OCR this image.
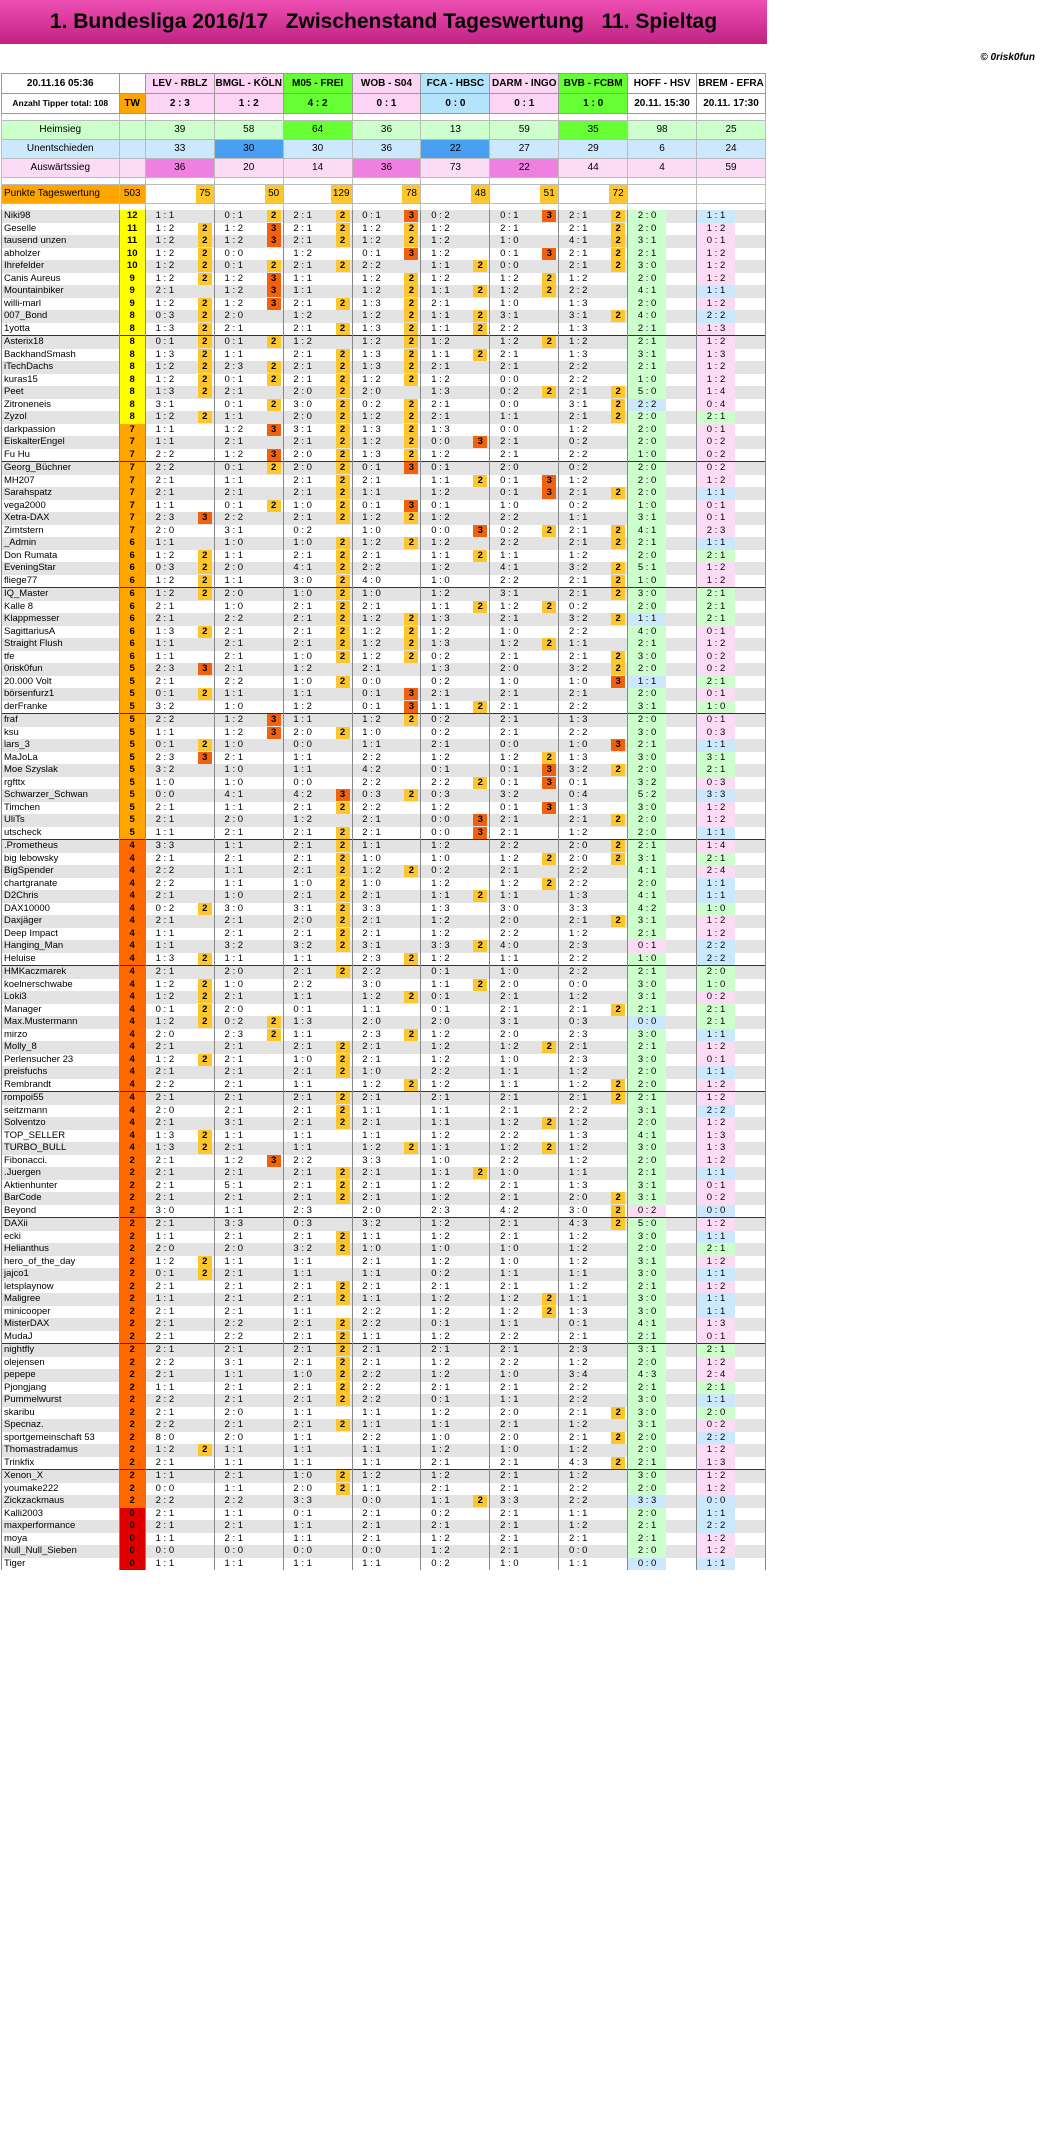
1. Bundesliga 2016/17   Zwischenstand Tageswertung   11. Spieltag
© 0risk0fun
20.11.16 05:36		LEV - RBLZ	BMGL - KÖLN	M05 - FREI	WOB - S04	FCA - HBSC	DARM - INGO	BVB - FCBM	HOFF - HSV	BREM - EFRA
Anzahl Tipper total: 108	TW	2 : 3	1 : 2	4 : 2	0 : 1	0 : 0	0 : 1	1 : 0	20.11. 15:30	20.11. 17:30

Heimsieg		39	58	64	36	13	59	35	98	25
Unentschieden		33	30	30	36	22	27	29	6	24
Auswärtssieg		36	20	14	36	73	22	44	4	59

Punkte Tageswertung	503	75	50	129	78	48	51	72		

Niki98	12	1 : 1	0 : 1 2	2 : 1 2	0 : 1 3	0 : 2	0 : 1 3	2 : 1 2	2 : 0	1 : 1
Geselle	11	1 : 2 2	1 : 2 3	2 : 1 2	1 : 2 2	1 : 2	2 : 1	2 : 1 2	2 : 0	1 : 2
tausend unzen	11	1 : 2 2	1 : 2 3	2 : 1 2	1 : 2 2	1 : 2	1 : 0	4 : 1 2	3 : 1	0 : 1
abholzer	10	1 : 2 2	0 : 0	1 : 2	0 : 1 3	1 : 2	0 : 1 3	2 : 1 2	2 : 1	1 : 2
Ihrefelder	10	1 : 2 2	0 : 1 2	2 : 1 2	2 : 2	1 : 1 2	0 : 0	2 : 1 2	3 : 0	1 : 2
Canis Aureus	9	1 : 2 2	1 : 2 3	1 : 1	1 : 2 2	1 : 2	1 : 2 2	1 : 2	2 : 0	1 : 2
Mountainbiker	9	2 : 1	1 : 2 3	1 : 1	1 : 2 2	1 : 1 2	1 : 2 2	2 : 2	4 : 1	1 : 1
willi-marl	9	1 : 2 2	1 : 2 3	2 : 1 2	1 : 3 2	2 : 1	1 : 0	1 : 3	2 : 0	1 : 2
007_Bond	8	0 : 3 2	2 : 0	1 : 2	1 : 2 2	1 : 1 2	3 : 1	3 : 1 2	4 : 0	2 : 2
1yotta	8	1 : 3 2	2 : 1	2 : 1 2	1 : 3 2	1 : 1 2	2 : 2	1 : 3	2 : 1	1 : 3
Asterix18	8	0 : 1 2	0 : 1 2	1 : 2	1 : 2 2	1 : 2	1 : 2 2	1 : 2	2 : 1	1 : 2
BackhandSmash	8	1 : 3 2	1 : 1	2 : 1 2	1 : 3 2	1 : 1 2	2 : 1	1 : 3	3 : 1	1 : 3
iTechDachs	8	1 : 2 2	2 : 3 2	2 : 1 2	1 : 3 2	2 : 1	2 : 1	2 : 2	2 : 1	1 : 2
kuras15	8	1 : 2 2	0 : 1 2	2 : 1 2	1 : 2 2	1 : 2	0 : 0	2 : 2	1 : 0	1 : 2
Peet	8	1 : 3 2	2 : 1	2 : 0 2	2 : 0	1 : 3	0 : 2 2	2 : 1 2	5 : 0	1 : 4
Zitroneneis	8	3 : 1	0 : 1 2	3 : 0 2	0 : 2 2	2 : 1	0 : 0	3 : 1 2	2 : 2	0 : 4
Zyzol	8	1 : 2 2	1 : 1	2 : 0 2	1 : 2 2	2 : 1	1 : 1	2 : 1 2	2 : 0	2 : 1
darkpassion	7	1 : 1	1 : 2 3	3 : 1 2	1 : 3 2	1 : 3	0 : 0	1 : 2	2 : 0	0 : 1
EiskalterEngel	7	1 : 1	2 : 1	2 : 1 2	1 : 2 2	0 : 0 3	2 : 1	0 : 2	2 : 0	0 : 2
Fu Hu	7	2 : 2	1 : 2 3	2 : 0 2	1 : 3 2	1 : 2	2 : 1	2 : 2	1 : 0	0 : 2
Georg_Büchner	7	2 : 2	0 : 1 2	2 : 0 2	0 : 1 3	0 : 1	2 : 0	0 : 2	2 : 0	0 : 2
MH207	7	2 : 1	1 : 1	2 : 1 2	2 : 1	1 : 1 2	0 : 1 3	1 : 2	2 : 0	1 : 2
Sarahspatz	7	2 : 1	2 : 1	2 : 1 2	1 : 1	1 : 2	0 : 1 3	2 : 1 2	2 : 0	1 : 1
vega2000	7	1 : 1	0 : 1 2	1 : 0 2	0 : 1 3	0 : 1	1 : 0	0 : 2	1 : 0	0 : 1
Xetra-DAX	7	2 : 3 3	2 : 2	2 : 1 2	1 : 2 2	1 : 2	2 : 2	1 : 1	3 : 1	0 : 1
Zimtstern	7	2 : 0	3 : 1	0 : 2	1 : 0	0 : 0 3	0 : 2 2	2 : 1 2	4 : 1	2 : 3
_Admin	6	1 : 1	1 : 0	1 : 0 2	1 : 2 2	1 : 2	2 : 2	2 : 1 2	2 : 1	1 : 1
Don Rumata	6	1 : 2 2	1 : 1	2 : 1 2	2 : 1	1 : 1 2	1 : 1	1 : 2	2 : 0	2 : 1
EveningStar	6	0 : 3 2	2 : 0	4 : 1 2	2 : 2	1 : 2	4 : 1	3 : 2 2	5 : 1	1 : 2
fliege77	6	1 : 2 2	1 : 1	3 : 0 2	4 : 0	1 : 0	2 : 2	2 : 1 2	1 : 0	1 : 2
IQ_Master	6	1 : 2 2	2 : 0	1 : 0 2	1 : 0	1 : 2	3 : 1	2 : 1 2	3 : 0	2 : 1
Kalle 8	6	2 : 1	1 : 0	2 : 1 2	2 : 1	1 : 1 2	1 : 2 2	0 : 2	2 : 0	2 : 1
Klappmesser	6	2 : 1	2 : 2	2 : 1 2	1 : 2 2	1 : 3	2 : 1	3 : 2 2	1 : 1	2 : 1
SagittariusA	6	1 : 3 2	2 : 1	2 : 1 2	1 : 2 2	1 : 2	1 : 0	2 : 2	4 : 0	0 : 1
Straight Flush	6	1 : 1	2 : 1	2 : 1 2	1 : 2 2	1 : 3	1 : 2 2	1 : 1	2 : 1	1 : 2
tfe	6	1 : 1	2 : 1	1 : 0 2	1 : 2 2	0 : 2	2 : 1	2 : 1 2	3 : 0	0 : 2
0risk0fun	5	2 : 3 3	2 : 1	1 : 2	2 : 1	1 : 3	2 : 0	3 : 2 2	2 : 0	0 : 2
20.000 Volt	5	2 : 1	2 : 2	1 : 0 2	0 : 0	0 : 2	1 : 0	1 : 0 3	1 : 1	2 : 1
börsenfurz1	5	0 : 1 2	1 : 1	1 : 1	0 : 1 3	2 : 1	2 : 1	2 : 1	2 : 0	0 : 1
derFranke	5	3 : 2	1 : 0	1 : 2	0 : 1 3	1 : 1 2	2 : 1	2 : 2	3 : 1	1 : 0
fraf	5	2 : 2	1 : 2 3	1 : 1	1 : 2 2	0 : 2	2 : 1	1 : 3	2 : 0	0 : 1
ksu	5	1 : 1	1 : 2 3	2 : 0 2	1 : 0	0 : 2	2 : 1	2 : 2	3 : 0	0 : 3
lars_3	5	0 : 1 2	1 : 0	0 : 0	1 : 1	2 : 1	0 : 0	1 : 0 3	2 : 1	1 : 1
MaJoLa	5	2 : 3 3	2 : 1	1 : 1	2 : 2	1 : 2	1 : 2 2	1 : 3	3 : 0	3 : 1
Moe Szyslak	5	3 : 2	1 : 0	1 : 1	4 : 2	0 : 1	0 : 1 3	3 : 2 2	2 : 0	2 : 1
rgfttx	5	1 : 0	1 : 0	0 : 0	2 : 2	2 : 2 2	0 : 1 3	0 : 1	3 : 2	0 : 3
Schwarzer_Schwan	5	0 : 0	4 : 1	4 : 2 3	0 : 3 2	0 : 3	3 : 2	0 : 4	5 : 2	3 : 3
Timchen	5	2 : 1	1 : 1	2 : 1 2	2 : 2	1 : 2	0 : 1 3	1 : 3	3 : 0	1 : 2
UliTs	5	2 : 1	2 : 0	1 : 2	2 : 1	0 : 0 3	2 : 1	2 : 1 2	2 : 0	1 : 2
utscheck	5	1 : 1	2 : 1	2 : 1 2	2 : 1	0 : 0 3	2 : 1	1 : 2	2 : 0	1 : 1
.Prometheus	4	3 : 3	1 : 1	2 : 1 2	1 : 1	1 : 2	2 : 2	2 : 0 2	2 : 1	1 : 4
big lebowsky	4	2 : 1	2 : 1	2 : 1 2	1 : 0	1 : 0	1 : 2 2	2 : 0 2	3 : 1	2 : 1
BigSpender	4	2 : 2	1 : 1	2 : 1 2	1 : 2 2	0 : 2	2 : 1	2 : 2	4 : 1	2 : 4
chartgranate	4	2 : 2	1 : 1	1 : 0 2	1 : 0	1 : 2	1 : 2 2	2 : 2	2 : 0	1 : 1
D2Chris	4	2 : 1	1 : 0	2 : 1 2	2 : 1	1 : 1 2	1 : 1	1 : 3	4 : 1	1 : 1
DAX10000	4	0 : 2 2	3 : 0	3 : 1 2	3 : 3	1 : 3	3 : 0	3 : 3	4 : 2	1 : 0
Daxjäger	4	2 : 1	2 : 1	2 : 0 2	2 : 1	1 : 2	2 : 0	2 : 1 2	3 : 1	1 : 2
Deep Impact	4	1 : 1	2 : 1	2 : 1 2	2 : 1	1 : 2	2 : 2	1 : 2	2 : 1	1 : 2
Hanging_Man	4	1 : 1	3 : 2	3 : 2 2	3 : 1	3 : 3 2	4 : 0	2 : 3	0 : 1	2 : 2
Heluise	4	1 : 3 2	1 : 1	1 : 1	2 : 3 2	1 : 2	1 : 1	2 : 2	1 : 0	2 : 2
HMKaczmarek	4	2 : 1	2 : 0	2 : 1 2	2 : 2	0 : 1	1 : 0	2 : 2	2 : 1	2 : 0
koelnerschwabe	4	1 : 2 2	1 : 0	2 : 2	3 : 0	1 : 1 2	2 : 0	0 : 0	3 : 0	1 : 0
Loki3	4	1 : 2 2	2 : 1	1 : 1	1 : 2 2	0 : 1	2 : 1	1 : 2	3 : 1	0 : 2
Manager	4	0 : 1 2	2 : 0	0 : 1	1 : 1	0 : 1	2 : 1	2 : 1 2	2 : 1	2 : 1
Max.Mustermann	4	1 : 2 2	0 : 2 2	1 : 3	2 : 0	2 : 0	3 : 1	0 : 3	0 : 0	2 : 1
mirzo	4	2 : 0	2 : 3 2	1 : 1	2 : 3 2	1 : 2	2 : 0	2 : 3	3 : 0	1 : 1
Molly_8	4	2 : 1	2 : 1	2 : 1 2	2 : 1	1 : 2	1 : 2 2	2 : 1	2 : 1	1 : 2
Perlensucher 23	4	1 : 2 2	2 : 1	1 : 0 2	2 : 1	1 : 2	1 : 0	2 : 3	3 : 0	0 : 1
preisfuchs	4	2 : 1	2 : 1	2 : 1 2	1 : 0	2 : 2	1 : 1	1 : 2	2 : 0	1 : 1
Rembrandt	4	2 : 2	2 : 1	1 : 1	1 : 2 2	1 : 2	1 : 1	1 : 2 2	2 : 0	1 : 2
rompoi55	4	2 : 1	2 : 1	2 : 1 2	2 : 1	2 : 1	2 : 1	2 : 1 2	2 : 1	1 : 2
seitzmann	4	2 : 0	2 : 1	2 : 1 2	1 : 1	1 : 1	2 : 1	2 : 2	3 : 1	2 : 2
Solventzo	4	2 : 1	3 : 1	2 : 1 2	2 : 1	1 : 1	1 : 2 2	1 : 2	2 : 0	1 : 2
TOP_SELLER	4	1 : 3 2	1 : 1	1 : 1	1 : 1	1 : 2	2 : 2	1 : 3	4 : 1	1 : 3
TURBO_BULL	4	1 : 3 2	2 : 1	1 : 1	1 : 2 2	1 : 1	1 : 2 2	1 : 2	3 : 0	1 : 3
Fibonacci.	2	2 : 1	1 : 2 3	2 : 2	3 : 3	1 : 0	2 : 2	1 : 2	2 : 0	1 : 2
.Juergen	2	2 : 1	2 : 1	2 : 1 2	2 : 1	1 : 1 2	1 : 0	1 : 1	2 : 1	1 : 1
Aktienhunter	2	2 : 1	5 : 1	2 : 1 2	2 : 1	1 : 2	2 : 1	1 : 3	3 : 1	0 : 1
BarCode	2	2 : 1	2 : 1	2 : 1 2	2 : 1	1 : 2	2 : 1	2 : 0 2	3 : 1	0 : 2
Beyond	2	3 : 0	1 : 1	2 : 3	2 : 0	2 : 3	4 : 2	3 : 0 2	0 : 2	0 : 0
DAXii	2	2 : 1	3 : 3	0 : 3	3 : 2	1 : 2	2 : 1	4 : 3 2	5 : 0	1 : 2
ecki	2	1 : 1	2 : 1	2 : 1 2	1 : 1	1 : 2	2 : 1	1 : 2	3 : 0	1 : 1
Helianthus	2	2 : 0	2 : 0	3 : 2 2	1 : 0	1 : 0	1 : 0	1 : 2	2 : 0	2 : 1
hero_of_the_day	2	1 : 2 2	1 : 1	1 : 1	2 : 1	1 : 2	1 : 0	1 : 2	3 : 1	1 : 2
jajco1	2	0 : 1 2	2 : 1	1 : 1	1 : 1	0 : 2	1 : 1	1 : 1	3 : 0	1 : 1
letsplaynow	2	2 : 1	2 : 1	2 : 1 2	2 : 1	2 : 1	2 : 1	1 : 2	2 : 1	1 : 2
Maligree	2	1 : 1	2 : 1	2 : 1 2	1 : 1	1 : 2	1 : 2 2	1 : 1	3 : 0	1 : 1
minicooper	2	2 : 1	2 : 1	1 : 1	2 : 2	1 : 2	1 : 2 2	1 : 3	3 : 0	1 : 1
MisterDAX	2	2 : 1	2 : 2	2 : 1 2	2 : 2	0 : 1	1 : 1	0 : 1	4 : 1	1 : 3
MudaJ	2	2 : 1	2 : 2	2 : 1 2	1 : 1	1 : 2	2 : 2	2 : 1	2 : 1	0 : 1
nightfly	2	2 : 1	2 : 1	2 : 1 2	2 : 1	2 : 1	2 : 1	2 : 3	3 : 1	2 : 1
olejensen	2	2 : 2	3 : 1	2 : 1 2	2 : 1	1 : 2	2 : 2	1 : 2	2 : 0	1 : 2
pepepe	2	2 : 1	1 : 1	1 : 0 2	2 : 2	1 : 2	1 : 0	3 : 4	4 : 3	2 : 4
Pjongjang	2	1 : 1	2 : 1	2 : 1 2	2 : 2	2 : 1	2 : 1	2 : 2	2 : 1	2 : 1
Pummelwurst	2	2 : 2	2 : 1	2 : 1 2	2 : 2	0 : 1	1 : 1	2 : 2	3 : 0	1 : 1
skaribu	2	2 : 1	2 : 0	1 : 1	1 : 1	1 : 2	2 : 0	2 : 1 2	3 : 0	2 : 0
Specnaz.	2	2 : 2	2 : 1	2 : 1 2	1 : 1	1 : 1	2 : 1	1 : 2	3 : 1	0 : 2
sportgemeinschaft 53	2	8 : 0	2 : 0	1 : 1	2 : 2	1 : 0	2 : 0	2 : 1 2	2 : 0	2 : 2
Thomastradamus	2	1 : 2 2	1 : 1	1 : 1	1 : 1	1 : 2	1 : 0	1 : 2	2 : 0	1 : 2
Trinkfix	2	2 : 1	1 : 1	1 : 1	1 : 1	2 : 1	2 : 1	4 : 3 2	2 : 1	1 : 3
Xenon_X	2	1 : 1	2 : 1	1 : 0 2	1 : 2	1 : 2	2 : 1	1 : 2	3 : 0	1 : 2
youmake222	2	0 : 0	1 : 1	2 : 0 2	1 : 1	2 : 1	2 : 1	2 : 2	2 : 0	1 : 2
Zickzackmaus	2	2 : 2	2 : 2	3 : 3	0 : 0	1 : 1 2	3 : 3	2 : 2	3 : 3	0 : 0
Kalli2003	0	2 : 1	1 : 1	0 : 1	2 : 1	0 : 2	2 : 1	1 : 1	2 : 0	1 : 1
maxperformance	0	2 : 1	2 : 1	1 : 1	2 : 1	2 : 1	2 : 1	1 : 2	2 : 1	2 : 2
moya	0	1 : 1	2 : 1	1 : 1	2 : 1	1 : 2	2 : 1	2 : 1	2 : 1	1 : 2
Null_Null_Sieben	0	0 : 0	0 : 0	0 : 0	0 : 0	1 : 2	2 : 1	0 : 0	2 : 0	1 : 2
Tiger	0	1 : 1	1 : 1	1 : 1	1 : 1	0 : 2	1 : 0	1 : 1	0 : 0	1 : 1
